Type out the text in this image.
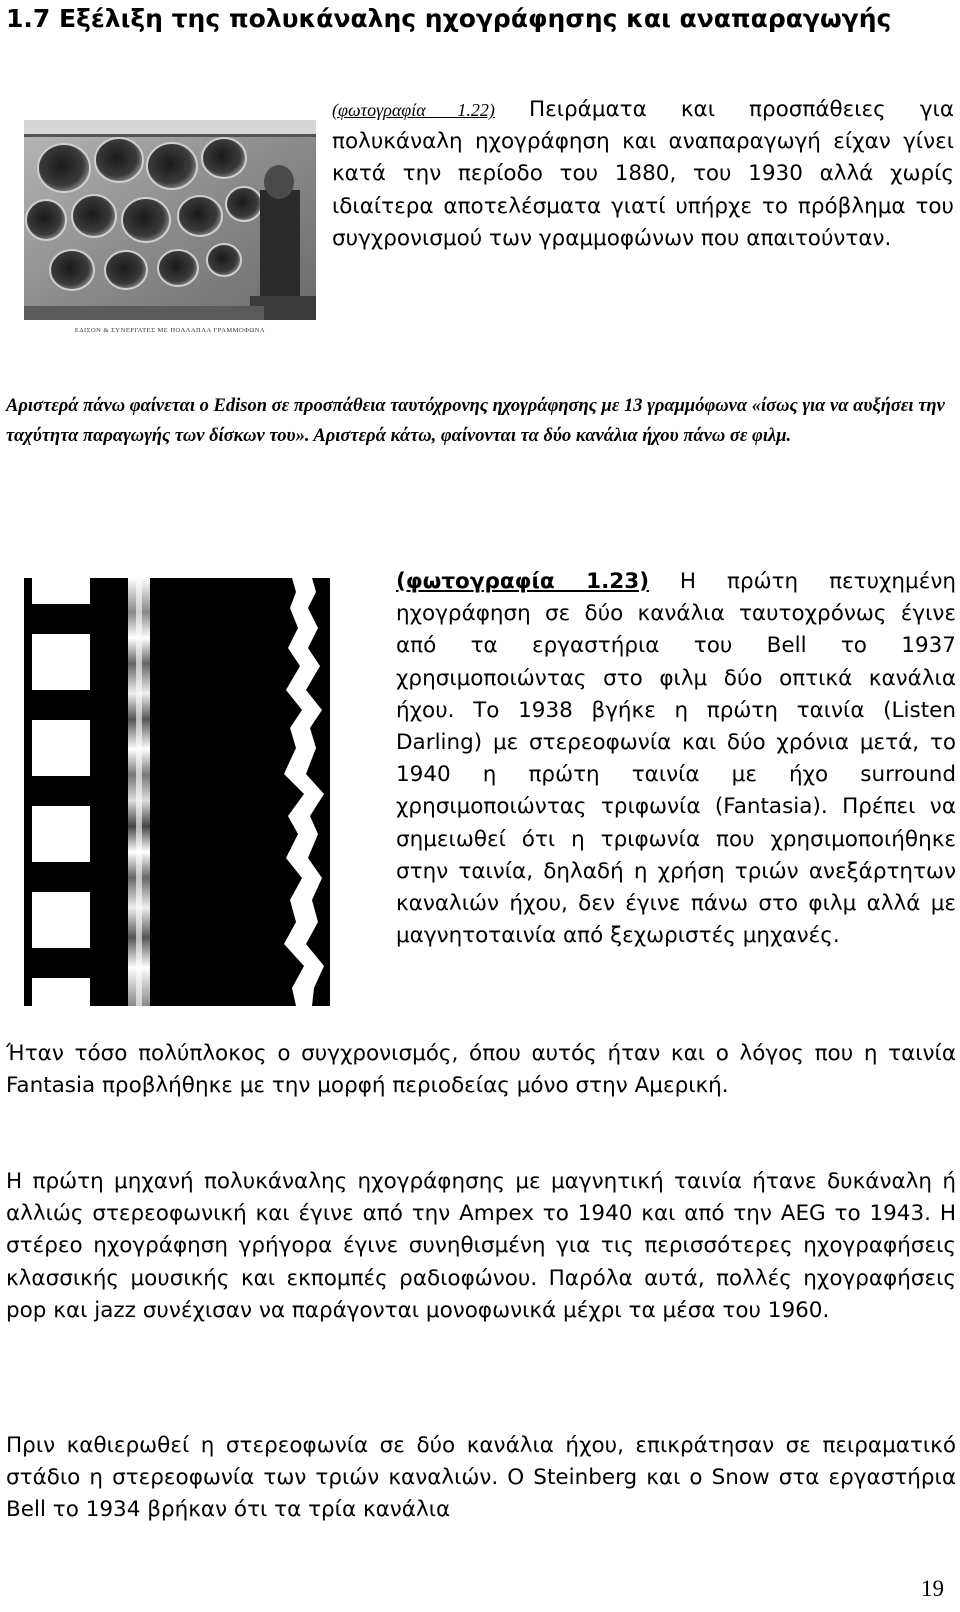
1.7 Εξέλιξη της πολυκάναλης ηχογράφησης και αναπαραγωγής
ΕΔΙΣΟΝ & ΣΥΝΕΡΓΑΤΕΣ ΜΕ ΠΟΛΛΑΠΛΑ ΓΡΑΜΜΟΦΩΝΑ

(φωτογραφία 1.22) Πειράματα και προσπάθειες για πολυκάναλη ηχογράφηση και αναπαραγωγή είχαν γίνει κατά την περίοδο του 1880, του 1930 αλλά χωρίς ιδιαίτερα αποτελέσματα γιατί υπήρχε το πρόβλημα του συγχρονισμού των γραμμοφώνων που απαιτούνταν.

Αριστερά πάνω φαίνεται ο Edison σε προσπάθεια ταυτόχρονης ηχογράφησης με 13 γραμμόφωνα «ίσως για να αυξήσει την ταχύτητα παραγωγής των δίσκων του». Αριστερά κάτω, φαίνονται τα δύο κανάλια ήχου πάνω σε φιλμ.

(φωτογραφία 1.23) Η πρώτη πετυχημένη ηχογράφηση σε δύο κανάλια ταυτοχρόνως έγινε από τα εργαστήρια του Bell το 1937 χρησιμοποιώντας στο φιλμ δύο οπτικά κανάλια ήχου. Το 1938 βγήκε η πρώτη ταινία (Listen Darling) με στερεοφωνία και δύο χρόνια μετά, το 1940 η πρώτη ταινία με ήχο surround χρησιμοποιώντας τριφωνία (Fantasia). Πρέπει να σημειωθεί ότι η τριφωνία που χρησιμοποιήθηκε στην ταινία, δηλαδή η χρήση τριών ανεξάρτητων καναλιών ήχου, δεν έγινε πάνω στο φιλμ αλλά με μαγνητοταινία από ξεχωριστές μηχανές.

Ήταν τόσο πολύπλοκος ο συγχρονισμός, όπου αυτός ήταν και ο λόγος που η ταινία Fantasia προβλήθηκε με την μορφή περιοδείας μόνο στην Αμερική.

Η πρώτη μηχανή πολυκάναλης ηχογράφησης με μαγνητική ταινία ήτανε δυκάναλη ή αλλιώς στερεοφωνική και έγινε από την Ampex το 1940 και από την AEG το 1943. Η στέρεο ηχογράφηση γρήγορα έγινε συνηθισμένη για τις περισσότερες ηχογραφήσεις κλασσικής μουσικής και εκπομπές ραδιοφώνου. Παρόλα αυτά, πολλές ηχογραφήσεις pop και jazz συνέχισαν να παράγονται μονοφωνικά μέχρι τα μέσα του 1960.

Πριν καθιερωθεί η στερεοφωνία σε δύο κανάλια ήχου, επικράτησαν σε πειραματικό στάδιο η στερεοφωνία των τριών καναλιών. Ο Steinberg και ο Snow στα εργαστήρια Bell το 1934 βρήκαν ότι τα τρία κανάλια

19
